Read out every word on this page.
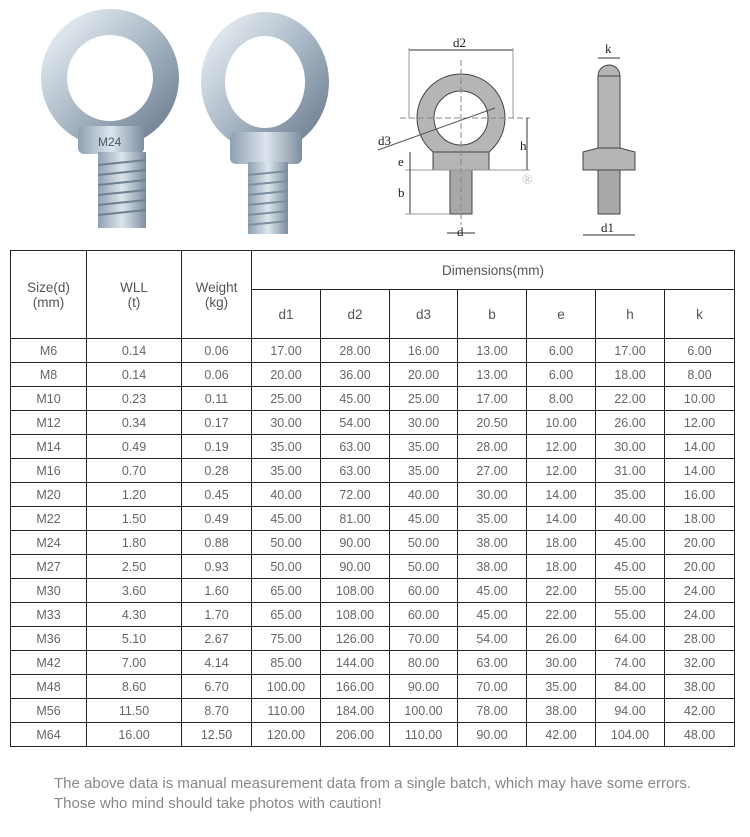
M24
d2
d3	h
e
b
d
®
k
d1
Size(d)
(mm)	WLL
(t)	Weight
(kg)	Dimensions(mm)						
			d1	d2	d3	b	e	h	k
M6	0.14	0.06	17.00	28.00	16.00	13.00	6.00	17.00	6.00
M8	0.14	0.06	20.00	36.00	20.00	13.00	6.00	18.00	8.00
M10	0.23	0.11	25.00	45.00	25.00	17.00	8.00	22.00	10.00
M12	0.34	0.17	30.00	54.00	30.00	20.50	10.00	26.00	12.00
M14	0.49	0.19	35.00	63.00	35.00	28.00	12.00	30.00	14.00
M16	0.70	0.28	35.00	63.00	35.00	27.00	12.00	31.00	14.00
M20	1.20	0.45	40.00	72.00	40.00	30.00	14.00	35.00	16.00
M22	1.50	0.49	45.00	81.00	45.00	35.00	14.00	40.00	18.00
M24	1.80	0.88	50.00	90.00	50.00	38.00	18.00	45.00	20.00
M27	2.50	0.93	50.00	90.00	50.00	38.00	18.00	45.00	20.00
M30	3.60	1.60	65.00	108.00	60.00	45.00	22.00	55.00	24.00
M33	4.30	1.70	65.00	108.00	60.00	45.00	22.00	55.00	24.00
M36	5.10	2.67	75.00	126.00	70.00	54.00	26.00	64.00	28.00
M42	7.00	4.14	85.00	144.00	80.00	63.00	30.00	74.00	32.00
M48	8.60	6.70	100.00	166.00	90.00	70.00	35.00	84.00	38.00
M56	11.50	8.70	110.00	184.00	100.00	78.00	38.00	94.00	42.00
M64	16.00	12.50	120.00	206.00	110.00	90.00	42.00	104.00	48.00
The above data is manual measurement data from a single batch, which may have some errors.
Those who mind should take photos with caution!
